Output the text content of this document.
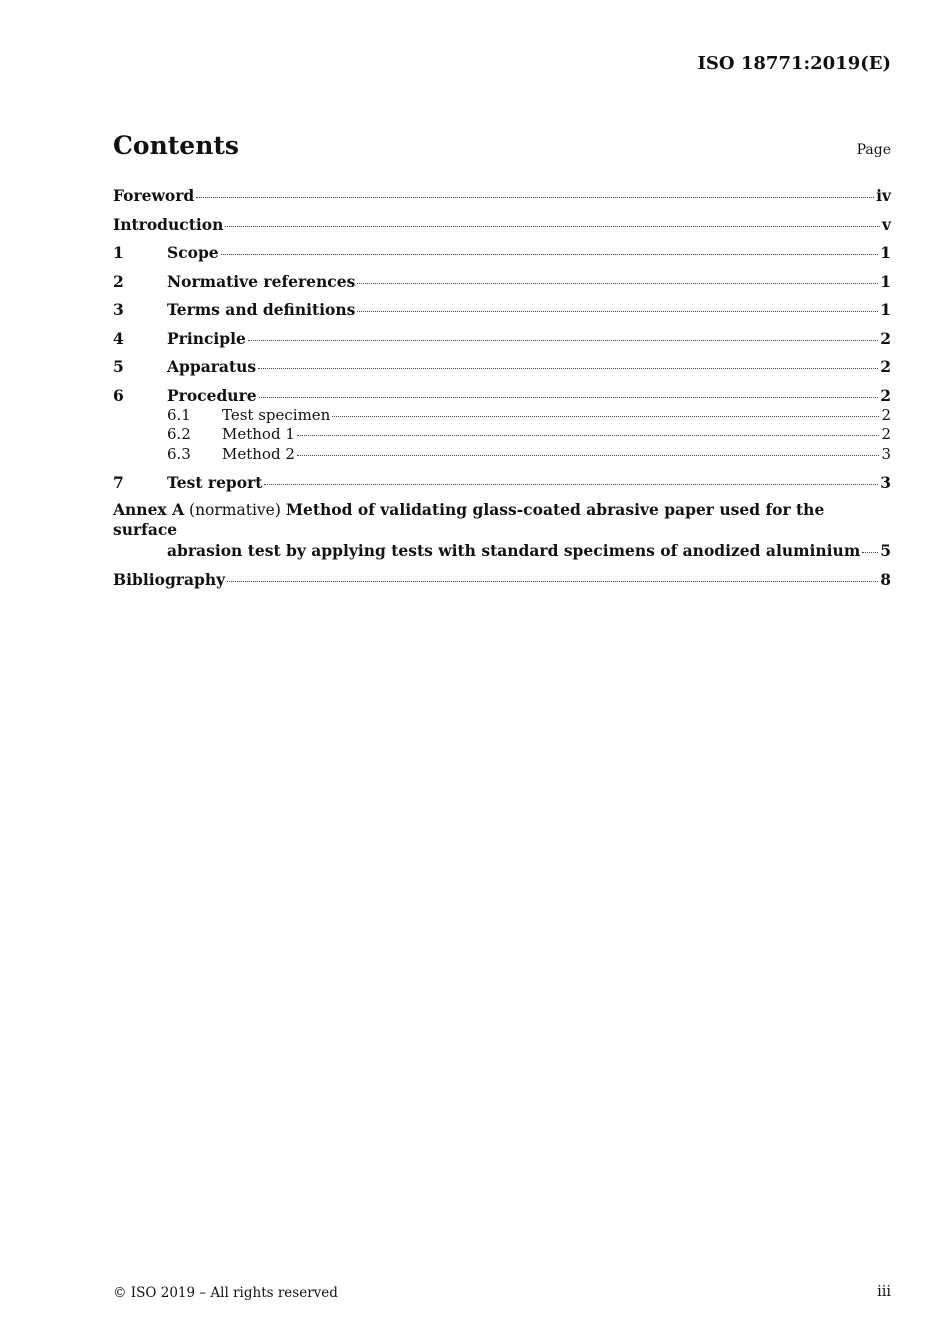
ISO 18771:2019(E)
Contents	Page
Foreword	iv
Introduction	v
1	Scope	1
2	Normative references	1
3	Terms and definitions	1
4	Principle	2
5	Apparatus	2
6	Procedure	2
6.1	Test specimen	2
6.2	Method 1	2
6.3	Method 2	3
7	Test report	3
Annex A (normative) Method of validating glass-coated abrasive paper used for the surface
abrasion test by applying tests with standard specimens of anodized aluminium 5
Bibliography	8
© ISO 2019 – All rights reserved	iii
